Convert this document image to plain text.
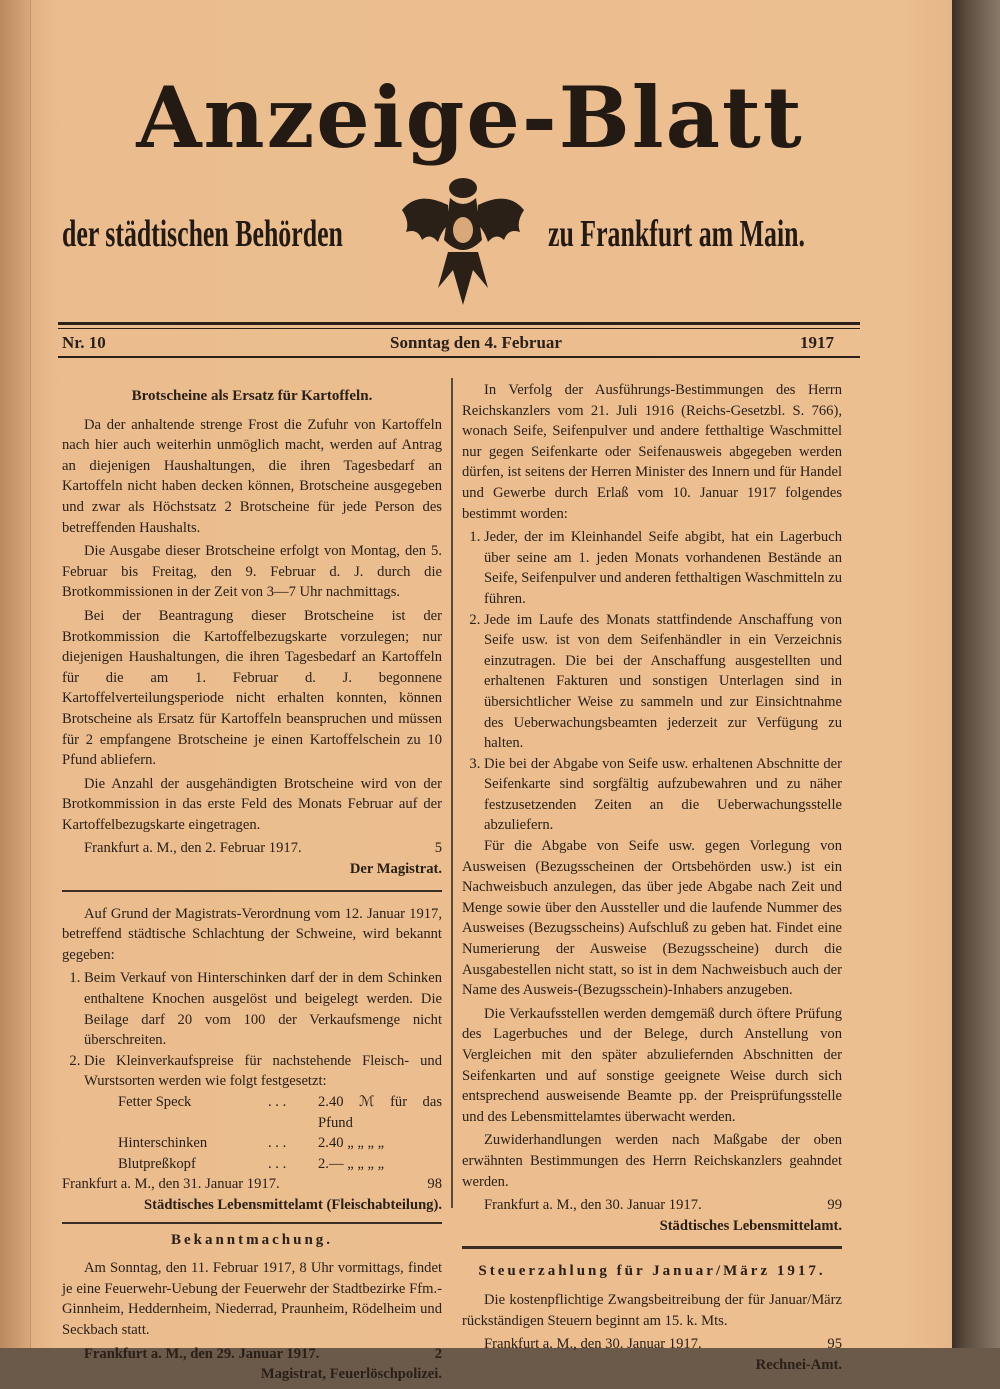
Anzeige-Blatt
der städtischen Behörden	zu Frankfurt am Main.
Nr. 10	Sonntag den 4. Februar	1917
Brotscheine als Ersatz für Kartoffeln.

Da der anhaltende strenge Frost die Zufuhr von Kartoffeln nach hier auch weiterhin unmöglich macht, werden auf Antrag an diejenigen Haushaltungen, die ihren Tagesbedarf an Kartoffeln nicht haben decken können, Brotscheine ausgegeben und zwar als Höchstsatz 2 Brotscheine für jede Person des betreffenden Haushalts.

Die Ausgabe dieser Brotscheine erfolgt von Montag, den 5. Februar bis Freitag, den 9. Februar d. J. durch die Brotkommissionen in der Zeit von 3—7 Uhr nachmittags.

Bei der Beantragung dieser Brotscheine ist der Brotkommission die Kartoffelbezugskarte vorzulegen; nur diejenigen Haushaltungen, die ihren Tagesbedarf an Kartoffeln für die am 1. Februar d. J. begonnene Kartoffelverteilungsperiode nicht erhalten konnten, können Brotscheine als Ersatz für Kartoffeln beanspruchen und müssen für 2 empfangene Brotscheine je einen Kartoffelschein zu 10 Pfund abliefern.

Die Anzahl der ausgehändigten Brotscheine wird von der Brotkommission in das erste Feld des Monats Februar auf der Kartoffelbezugskarte eingetragen.

Frankfurt a. M., den 2. Februar 1917.	5
Der Magistrat.

Auf Grund der Magistrats-Verordnung vom 12. Januar 1917, betreffend städtische Schlachtung der Schweine, wird bekannt gegeben:

1. Beim Verkauf von Hinterschinken darf der in dem Schinken enthaltene Knochen ausgelöst und beigelegt werden. Die Beilage darf 20 vom 100 der Verkaufsmenge nicht überschreiten.
2. Die Kleinverkaufspreise für nachstehende Fleisch- und Wurstsorten werden wie folgt festgesetzt:
Fetter Speck	. . .	2.40 ℳ für das Pfund
Hinterschinken	. . .	2.40 „ „ „ „
Blutpreßkopf	. . .	2.— „ „ „ „
Frankfurt a. M., den 31. Januar 1917.	98
Städtisches Lebensmittelamt (Fleischabteilung).
Bekanntmachung.

Am Sonntag, den 11. Februar 1917, 8 Uhr vormittags, findet je eine Feuerwehr-Uebung der Feuerwehr der Stadtbezirke Ffm.-Ginnheim, Heddernheim, Niederrad, Praunheim, Rödelheim und Seckbach statt.

Frankfurt a. M., den 29. Januar 1917.	2
Magistrat, Feuerlöschpolizei.

In Verfolg der Ausführungs-Bestimmungen des Herrn Reichskanzlers vom 21. Juli 1916 (Reichs-Gesetzbl. S. 766), wonach Seife, Seifenpulver und andere fetthaltige Waschmittel nur gegen Seifenkarte oder Seifenausweis abgegeben werden dürfen, ist seitens der Herren Minister des Innern und für Handel und Gewerbe durch Erlaß vom 10. Januar 1917 folgendes bestimmt worden:

1. Jeder, der im Kleinhandel Seife abgibt, hat ein Lagerbuch über seine am 1. jeden Monats vorhandenen Bestände an Seife, Seifenpulver und anderen fetthaltigen Waschmitteln zu führen.
2. Jede im Laufe des Monats stattfindende Anschaffung von Seife usw. ist von dem Seifenhändler in ein Verzeichnis einzutragen. Die bei der Anschaffung ausgestellten und erhaltenen Fakturen und sonstigen Unterlagen sind in übersichtlicher Weise zu sammeln und zur Einsichtnahme des Ueberwachungsbeamten jederzeit zur Verfügung zu halten.
3. Die bei der Abgabe von Seife usw. erhaltenen Abschnitte der Seifenkarte sind sorgfältig aufzubewahren und zu näher festzusetzenden Zeiten an die Ueberwachungsstelle abzuliefern.

Für die Abgabe von Seife usw. gegen Vorlegung von Ausweisen (Bezugsscheinen der Ortsbehörden usw.) ist ein Nachweisbuch anzulegen, das über jede Abgabe nach Zeit und Menge sowie über den Aussteller und die laufende Nummer des Ausweises (Bezugsscheins) Aufschluß zu geben hat. Findet eine Numerierung der Ausweise (Bezugsscheine) durch die Ausgabestellen nicht statt, so ist in dem Nachweisbuch auch der Name des Ausweis-(Bezugsschein)-Inhabers anzugeben.

Die Verkaufsstellen werden demgemäß durch öftere Prüfung des Lagerbuches und der Belege, durch Anstellung von Vergleichen mit den später abzuliefernden Abschnitten der Seifenkarten und auf sonstige geeignete Weise durch sich entsprechend ausweisende Beamte pp. der Preisprüfungsstelle und des Lebensmittelamtes überwacht werden.

Zuwiderhandlungen werden nach Maßgabe der oben erwähnten Bestimmungen des Herrn Reichskanzlers geahndet werden.

Frankfurt a. M., den 30. Januar 1917.	99
Städtisches Lebensmittelamt.
Steuerzahlung für Januar/März 1917.

Die kostenpflichtige Zwangsbeitreibung der für Januar/März rückständigen Steuern beginnt am 15. k. Mts.

Frankfurt a. M., den 30. Januar 1917.	95
Rechnei-Amt.
